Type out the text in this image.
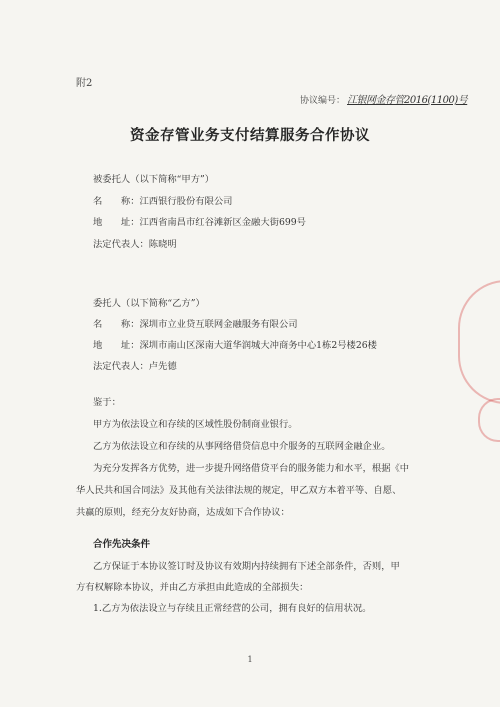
附2
协议编号： 江银网金存管2016(1100)号
资金存管业务支付结算服务合作协议
被委托人（以下简称“甲方”）
名　　称：江西银行股份有限公司
地　　址：江西省南昌市红谷滩新区金融大街699号
法定代表人：陈晓明
委托人（以下简称“乙方”）
名　　称：深圳市立业贷互联网金融服务有限公司
地　　址：深圳市南山区深南大道华润城大冲商务中心1栋2号楼26楼
法定代表人：卢先德
鉴于：
甲方为依法设立和存续的区域性股份制商业银行。
乙方为依法设立和存续的从事网络借贷信息中介服务的互联网金融企业。
为充分发挥各方优势，进一步提升网络借贷平台的服务能力和水平，根据《中
华人民共和国合同法》及其他有关法律法规的规定，甲乙双方本着平等、自愿、
共赢的原则，经充分友好协商，达成如下合作协议：
合作先决条件
乙方保证于本协议签订时及协议有效期内持续拥有下述全部条件，否则，甲
方有权解除本协议，并由乙方承担由此造成的全部损失：
1.乙方为依法设立与存续且正常经营的公司，拥有良好的信用状况。
1
